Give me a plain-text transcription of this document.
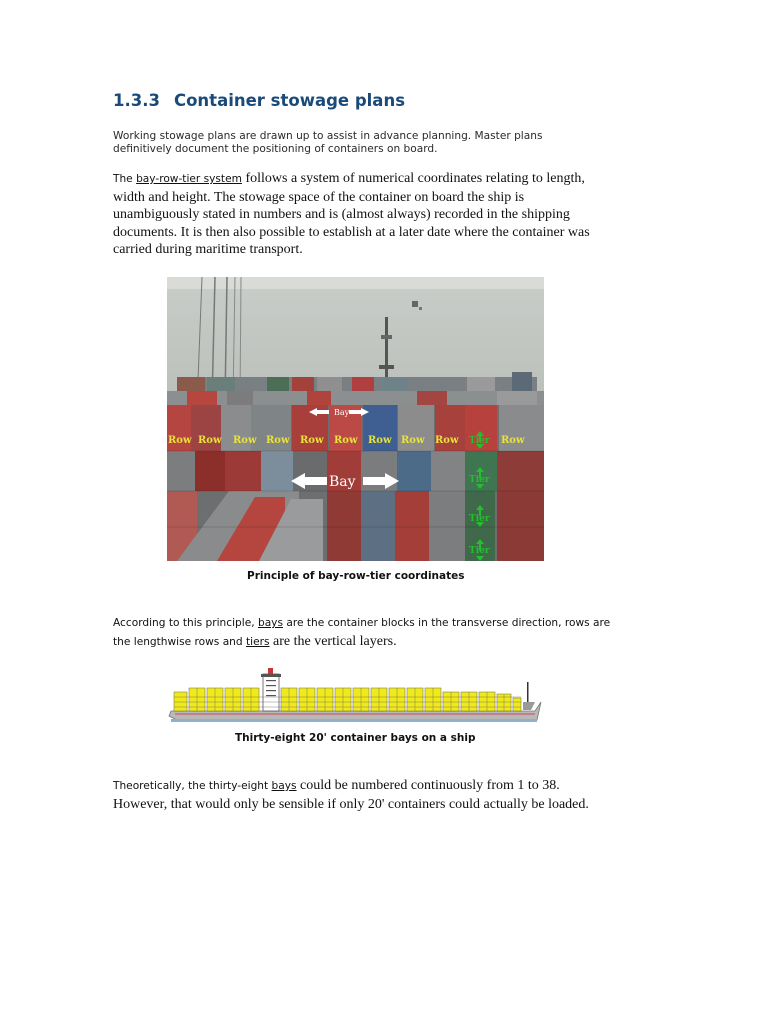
1.3.3 Container stowage plans
Working stowage plans are drawn up to assist in advance planning. Master plans definitively document the positioning of containers on board.
The bay-row-tier system follows a system of numerical coordinates relating to length, width and height. The stowage space of the container on board the ship is unambiguously stated in numbers and is (almost always) recorded in the shipping documents. It is then also possible to establish at a later date where the container was carried during maritime transport.
Bay
Bay
Row Row Row Row Row Row Row Row Row	Row
Tier
Tier
Tier
Tier
Principle of bay-row-tier coordinates
According to this principle, bays are the container blocks in the transverse direction, rows are the lengthwise rows and tiers are the vertical layers.
Thirty-eight 20' container bays on a ship
Theoretically, the thirty-eight bays could be numbered continuously from 1 to 38. However, that would only be sensible if only 20' containers could actually be loaded.
